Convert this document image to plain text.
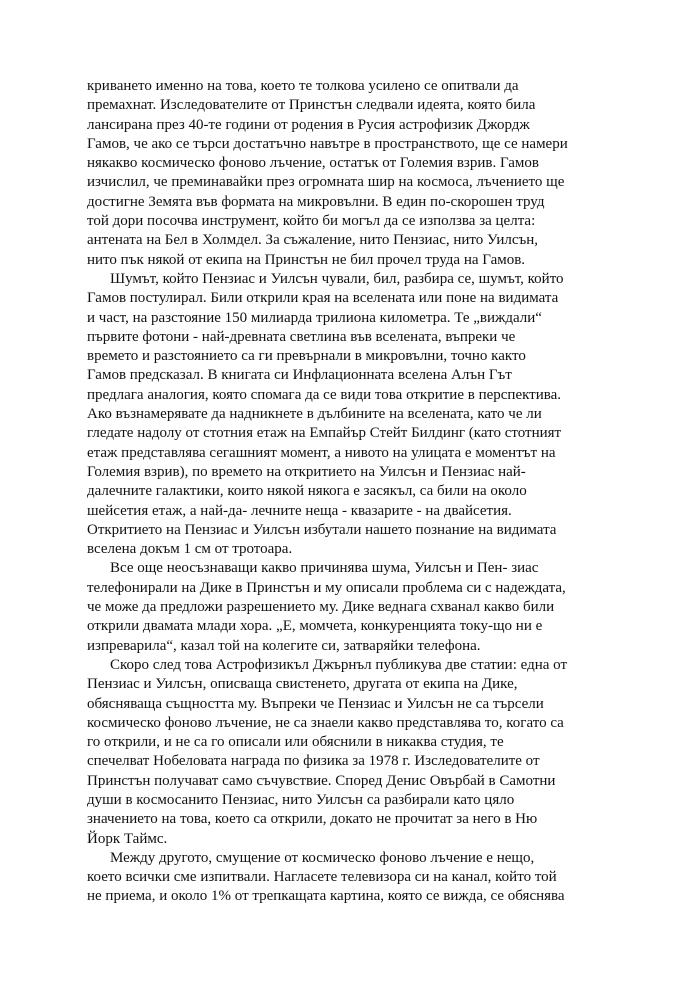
криването именно на това, което те толкова усилено се опитвали да
премахнат. Изследователите от Принстън следвали идеята, която била
лансирана през 40-те години от родения в Русия астрофизик Джордж
Гамов, че ако се търси достатъчно навътре в пространството, ще се намери
някакво космическо фоново лъчение, остатък от Големия взрив. Гамов
изчислил, че преминавайки през огромната шир на космоса, лъчението ще
достигне Земята във формата на микровълни. В един по-скорошен труд
той дори посочва инструмент, който би могъл да се използва за целта:
антената на Бел в Холмдел. За съжаление, нито Пензиас, нито Уилсън,
нито пък някой от екипа на Принстън не бил прочел труда на Гамов.
Шумът, който Пензиас и Уилсън чували, бил, разбира се, шумът, който
Гамов постулирал. Били открили края на вселената или поне на видимата
и част, на разстояние 150 милиарда трилиона километра. Те „виждали“
първите фотони - най-древната светлина във вселената, въпреки че
времето и разстоянието са ги превърнали в микровълни, точно както
Гамов предсказал. В книгата си Инфлационната вселена Алън Гът
предлага аналогия, която спомага да се види това откритие в перспектива.
Ако възнамерявате да надникнете в дълбините на вселената, като че ли
гледате надолу от стотния етаж на Емпайър Стейт Билдинг (като стотният
етаж представлява сегашният момент, а нивото на улицата е моментът на
Големия взрив), по времето на откритието на Уилсън и Пензиас най-
далечните галактики, които някой някога е засякъл, са били на около
шейсетия етаж, а най-да- лечните неща - квазарите - на двайсетия.
Откритието на Пензиас и Уилсън избутали нашето познание на видимата
вселена докъм 1 см от тротоара.
Все още неосъзнаващи какво причинява шума, Уилсън и Пен- зиас
телефонирали на Дике в Принстън и му описали проблема си с надеждата,
че може да предложи разрешението му. Дике веднага схванал какво били
открили двамата млади хора. „Е, момчета, конкуренцията току-що ни е
изпреварила“, казал той на колегите си, затваряйки телефона.
Скоро след това Астрофизикъл Джърнъл публикува две статии: една от
Пензиас и Уилсън, описваща свистенето, другата от екипа на Дике,
обясняваща същността му. Въпреки че Пензиас и Уилсън не са търсели
космическо фоново лъчение, не са знаели какво представлява то, когато са
го открили, и не са го описали или обяснили в никаква студия, те
спечелват Нобеловата награда по физика за 1978 г. Изследователите от
Принстън получават само съчувствие. Според Денис Овърбай в Самотни
души в космосанито Пензиас, нито Уилсън са разбирали като цяло
значението на това, което са открили, докато не прочитат за него в Ню
Йорк Таймс.
Между другото, смущение от космическо фоново лъчение е нещо,
което всички сме изпитвали. Нагласете телевизора си на канал, който той
не приема, и около 1% от трепкащата картина, която се вижда, се обяснява
